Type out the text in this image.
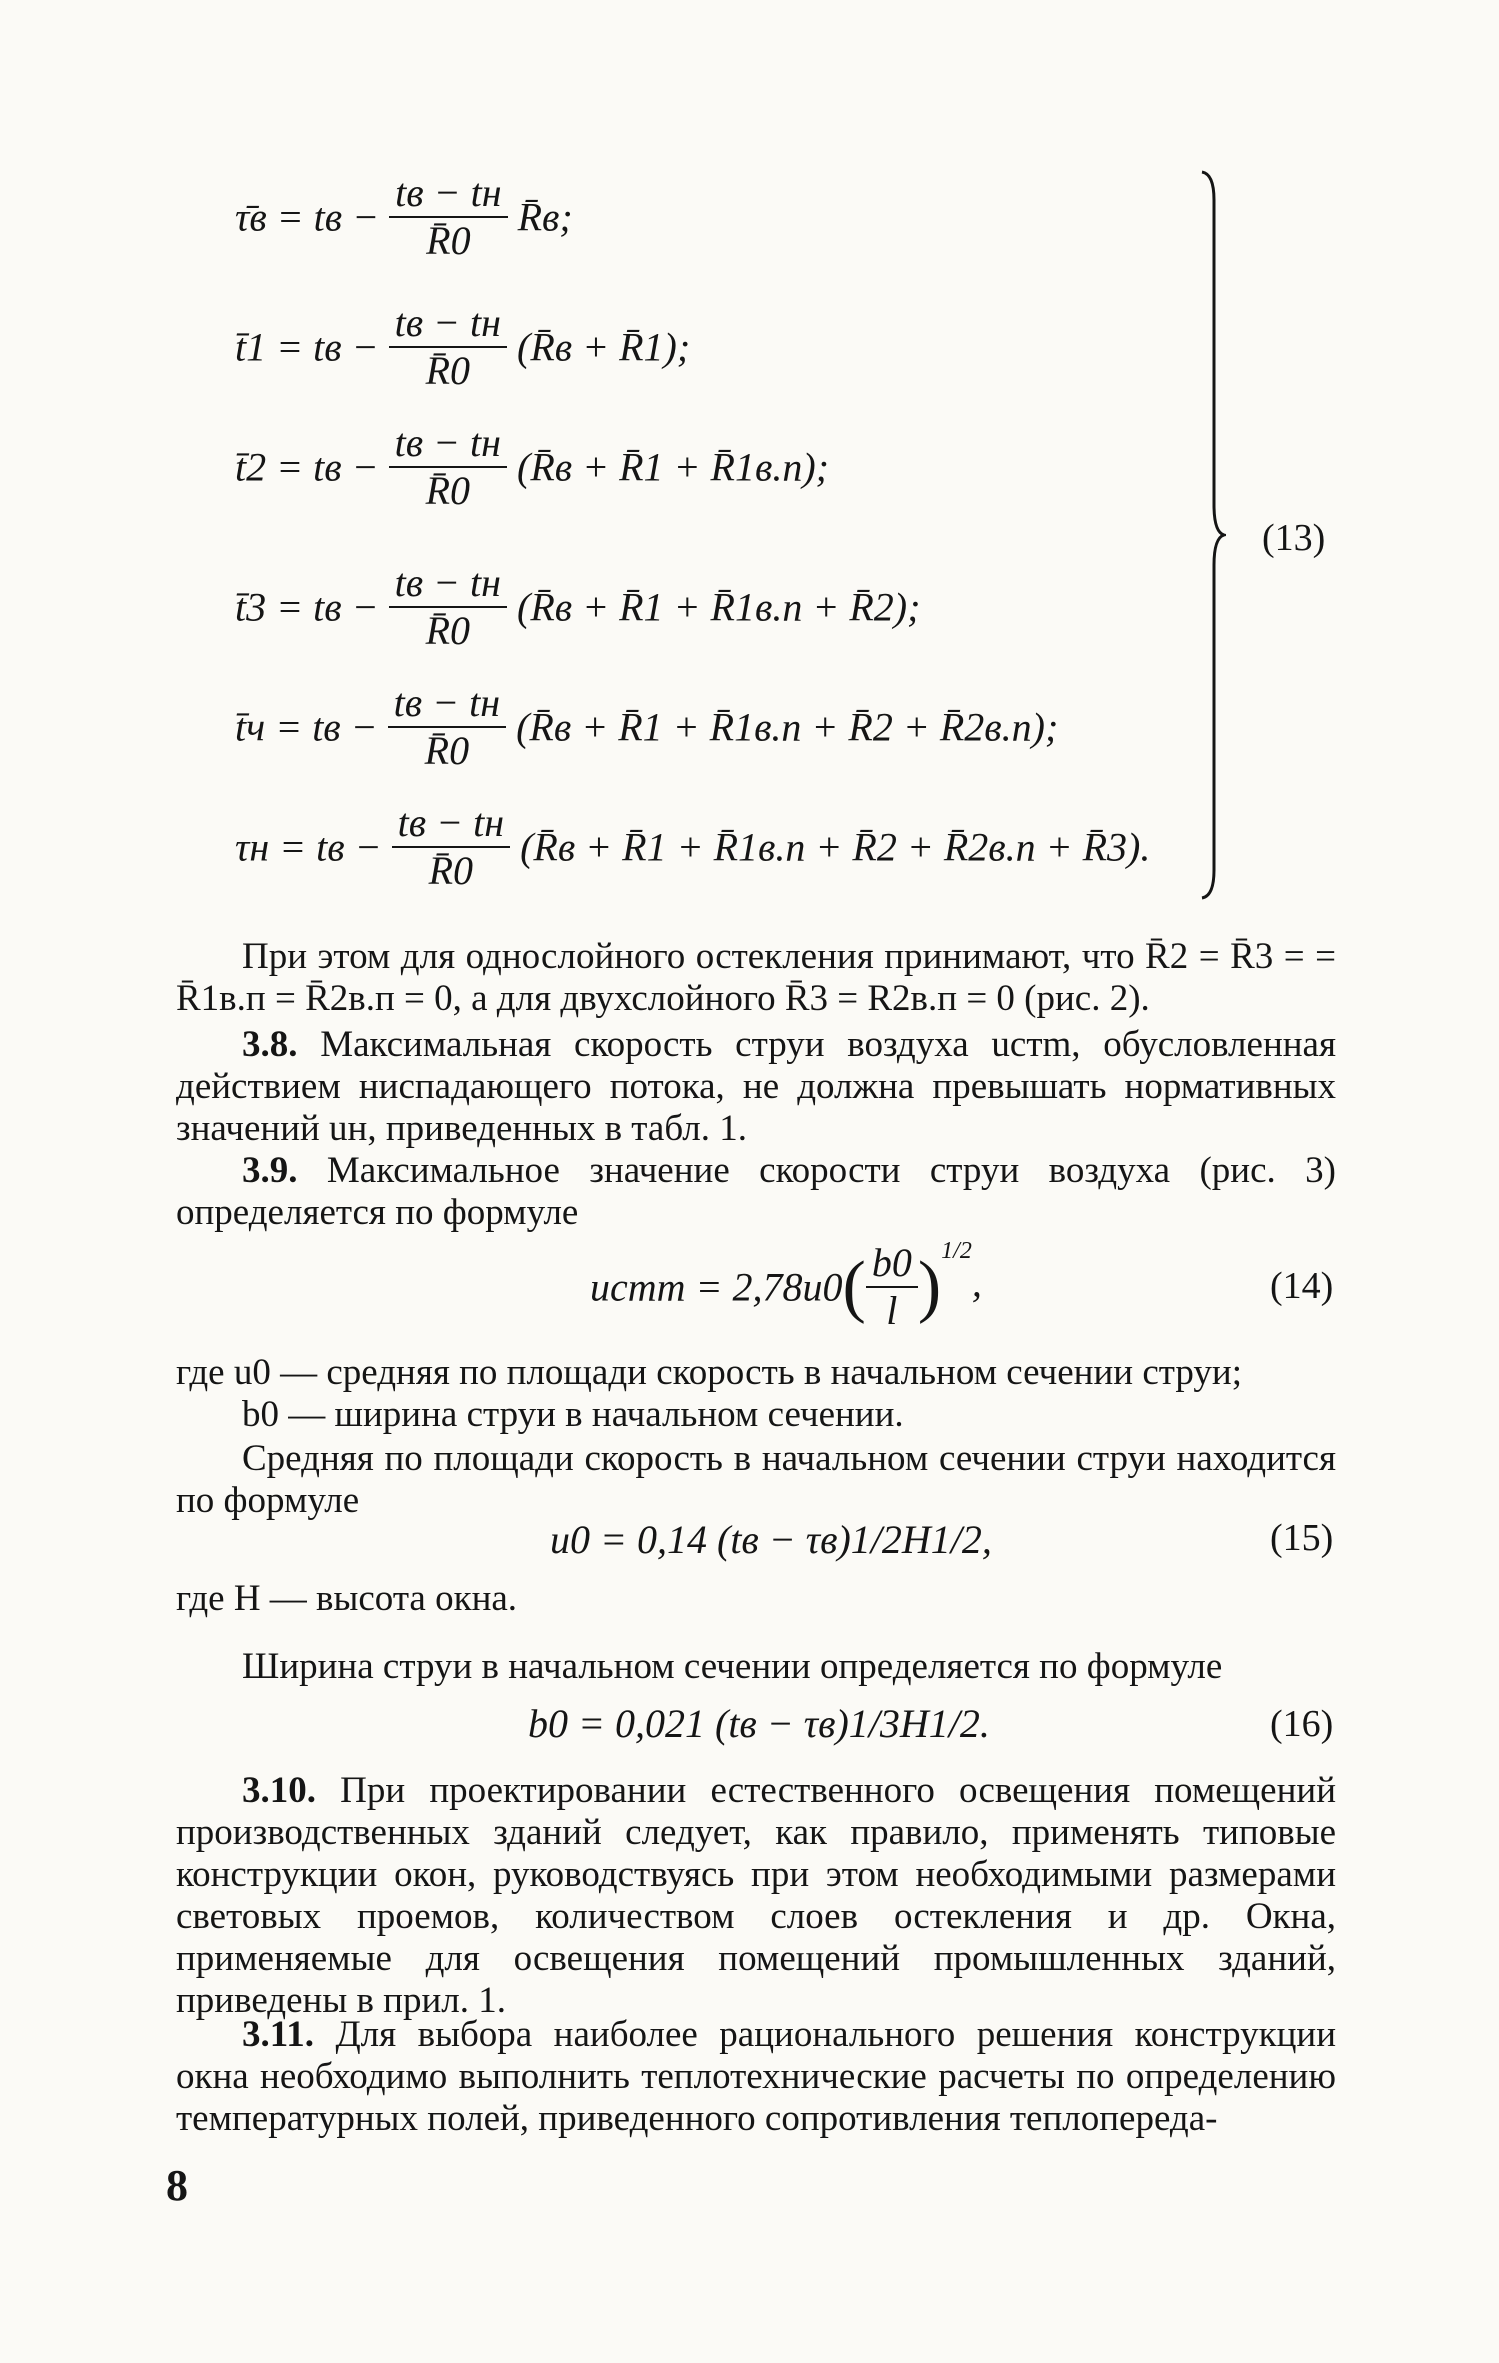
τ̄в = tв − $\frac{tв - tн}{R̄0}$ R̄в;
t̄1 = tв − $\frac{tв - tн}{R̄0}$ (R̄в + R̄1);
t̄2 = tв − $\frac{tв - tн}{R̄0}$ (R̄в + R̄1 + R̄1в.п);
t̄3 = tв − $\frac{tв - tн}{R̄0}$ (R̄в + R̄1 + R̄1в.п + R̄2);
t̄ч = tв − $\frac{tв - tн}{R̄0}$ (R̄в + R̄1 + R̄1в.п + R̄2 + R̄2в.п);
τн = tв − $\frac{tв - tн}{R̄0}$ (R̄в + R̄1 + R̄1в.п + R̄2 + R̄2в.п + R̄3).
(13)
При этом для однослойного остекления принимают, что R̄2 = R̄3 = = R̄1в.п = R̄2в.п = 0, а для двухслойного R̄3 = R2в.п = 0 (рис. 2).
3.8. Максимальная скорость струи воздуха uстm, обусловленная действием ниспадающего потока, не должна превышать нормативных значений uн, приведенных в табл. 1.
3.9. Максимальное значение скорости струи воздуха (рис. 3) определяется по формуле
uстm = $2,78u0( \frac{b0}{l} )^{1/2}$,	(14)
где u0 — средняя по площади скорость в начальном сечении струи;
b0 — ширина струи в начальном сечении.
Средняя по площади скорость в начальном сечении струи находится по формуле
u0 = 0,14 (tв − τв)1/2H1/2,	(15)
где H — высота окна.
Ширина струи в начальном сечении определяется по формуле
b0 = 0,021 (tв − τв)1/3H1/2.	(16)
3.10. При проектировании естественного освещения помещений производственных зданий следует, как правило, применять типовые конструкции окон, руководствуясь при этом необходимыми размерами световых проемов, количеством слоев остекления и др. Окна, применяемые для освещения помещений промышленных зданий, приведены в прил. 1.
3.11. Для выбора наиболее рационального решения конструкции окна необходимо выполнить теплотехнические расчеты по определению температурных полей, приведенного сопротивления теплопереда-
8
